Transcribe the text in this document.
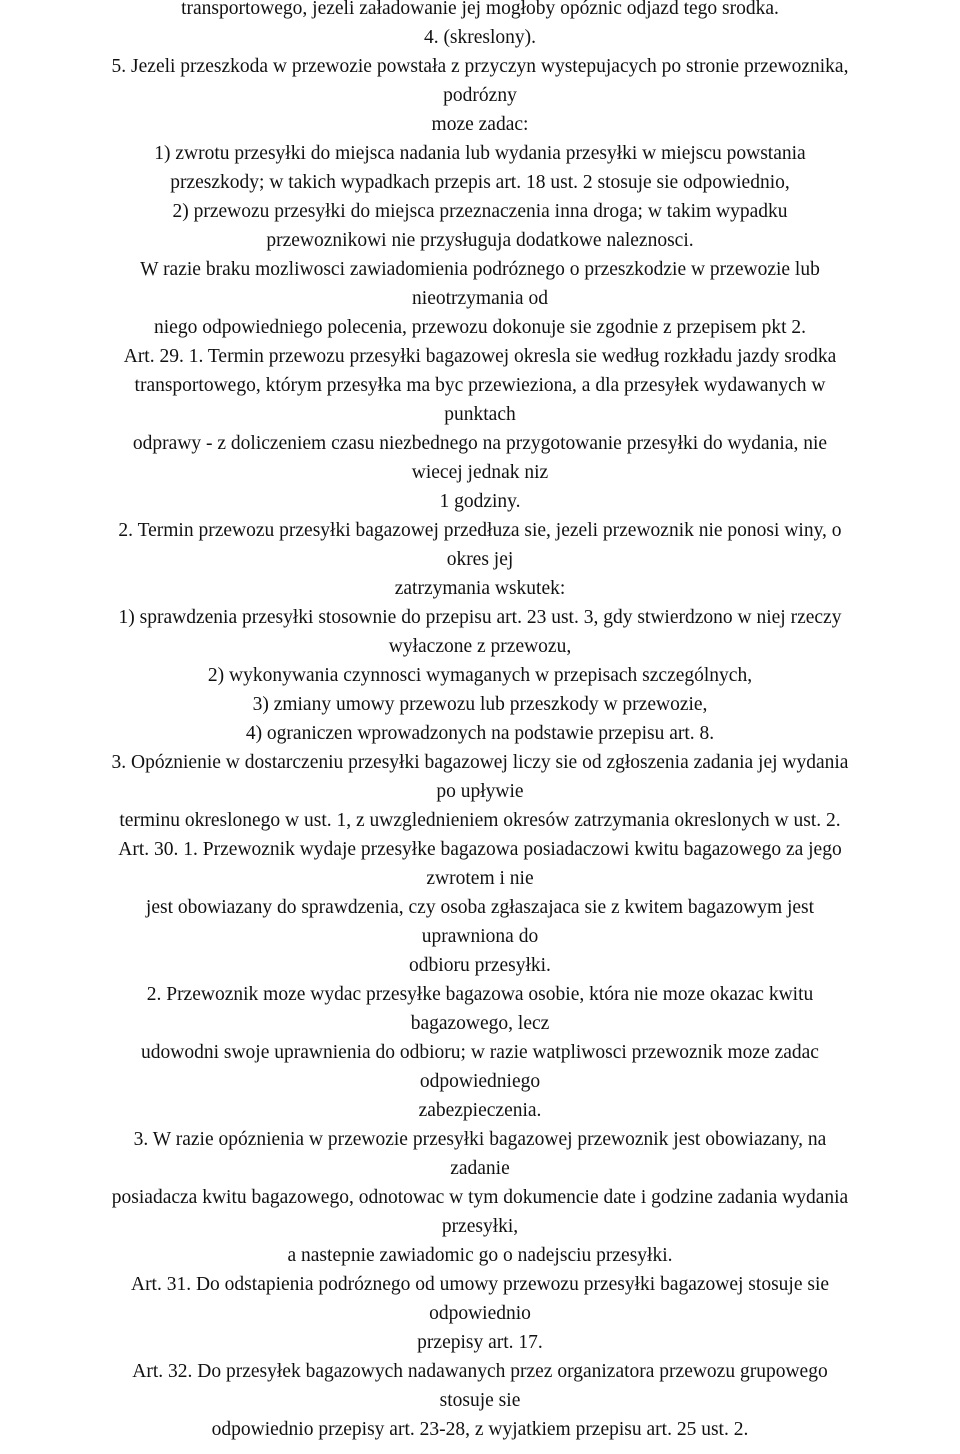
transportowego, jezeli załadowanie jej mogłoby opóznic odjazd tego srodka.
4. (skreslony).
5. Jezeli przeszkoda w przewozie powstała z przyczyn wystepujacych po stronie przewoznika,
podrózny
moze zadac:
1) zwrotu przesyłki do miejsca nadania lub wydania przesyłki w miejscu powstania
przeszkody; w takich wypadkach przepis art. 18 ust. 2 stosuje sie odpowiednio,
2) przewozu przesyłki do miejsca przeznaczenia inna droga; w takim wypadku
przewoznikowi nie przysługuja dodatkowe naleznosci.
W razie braku mozliwosci zawiadomienia podróznego o przeszkodzie w przewozie lub
nieotrzymania od
niego odpowiedniego polecenia, przewozu dokonuje sie zgodnie z przepisem pkt 2.
Art. 29. 1. Termin przewozu przesyłki bagazowej okresla sie według rozkładu jazdy srodka
transportowego, którym przesyłka ma byc przewieziona, a dla przesyłek wydawanych w
punktach
odprawy - z doliczeniem czasu niezbednego na przygotowanie przesyłki do wydania, nie
wiecej jednak niz
1 godziny.
2. Termin przewozu przesyłki bagazowej przedłuza sie, jezeli przewoznik nie ponosi winy, o
okres jej
zatrzymania wskutek:
1) sprawdzenia przesyłki stosownie do przepisu art. 23 ust. 3, gdy stwierdzono w niej rzeczy
wyłaczone z przewozu,
2) wykonywania czynnosci wymaganych w przepisach szczególnych,
3) zmiany umowy przewozu lub przeszkody w przewozie,
4) ograniczen wprowadzonych na podstawie przepisu art. 8.
3. Opóznienie w dostarczeniu przesyłki bagazowej liczy sie od zgłoszenia zadania jej wydania
po upływie
terminu okreslonego w ust. 1, z uwzglednieniem okresów zatrzymania okreslonych w ust. 2.
Art. 30. 1. Przewoznik wydaje przesyłke bagazowa posiadaczowi kwitu bagazowego za jego
zwrotem i nie
jest obowiazany do sprawdzenia, czy osoba zgłaszajaca sie z kwitem bagazowym jest
uprawniona do
odbioru przesyłki.
2. Przewoznik moze wydac przesyłke bagazowa osobie, która nie moze okazac kwitu
bagazowego, lecz
udowodni swoje uprawnienia do odbioru; w razie watpliwosci przewoznik moze zadac
odpowiedniego
zabezpieczenia.
3. W razie opóznienia w przewozie przesyłki bagazowej przewoznik jest obowiazany, na
zadanie
posiadacza kwitu bagazowego, odnotowac w tym dokumencie date i godzine zadania wydania
przesyłki,
a nastepnie zawiadomic go o nadejsciu przesyłki.
Art. 31. Do odstapienia podróznego od umowy przewozu przesyłki bagazowej stosuje sie
odpowiednio
przepisy art. 17.
Art. 32. Do przesyłek bagazowych nadawanych przez organizatora przewozu grupowego
stosuje sie
odpowiednio przepisy art. 23-28, z wyjatkiem przepisu art. 25 ust. 2.
